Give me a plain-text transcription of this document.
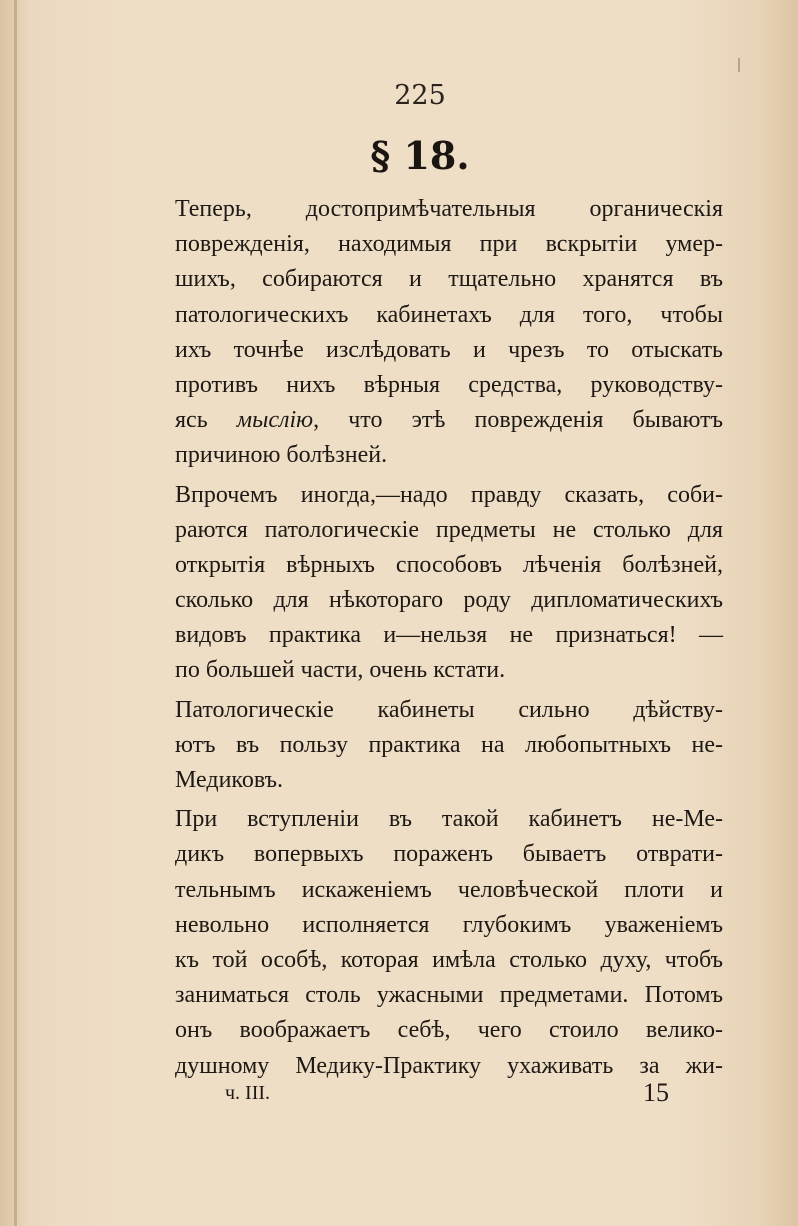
225
§ 18.
Теперь, достопримѣчательныя органическія
поврежденія, находимыя при вскрытіи умер-
шихъ, собираются и тщательно хранятся въ
патологическихъ кабинетахъ для того, чтобы
ихъ точнѣе изслѣдовать и чрезъ то отыскать
противъ нихъ вѣрныя средства, руководству-
ясь мыслію, что этѣ поврежденія бываютъ
причиною болѣзней.
Впрочемъ иногда,—надо правду сказать, соби-
раются патологическіе предметы не столько для
открытія вѣрныхъ способовъ лѣченія болѣзней,
сколько для нѣкотораго роду дипломатическихъ
видовъ практика и—нельзя не признаться! —
по большей части, очень кстати.
Патологическіе кабинеты сильно дѣйству-
ютъ въ пользу практика на любопытныхъ не-
Медиковъ.
При вступленіи въ такой кабинетъ не-Ме-
дикъ вопервыхъ пораженъ бываетъ отврати-
тельнымъ искаженіемъ человѣческой плоти и
невольно исполняется глубокимъ уваженіемъ
къ той особѣ, которая имѣла столько духу, чтобъ
заниматься столь ужасными предметами. Потомъ
онъ воображаетъ себѣ, чего стоило велико-
душному Медику-Практику ухаживать за жи-
ч. III.	15
